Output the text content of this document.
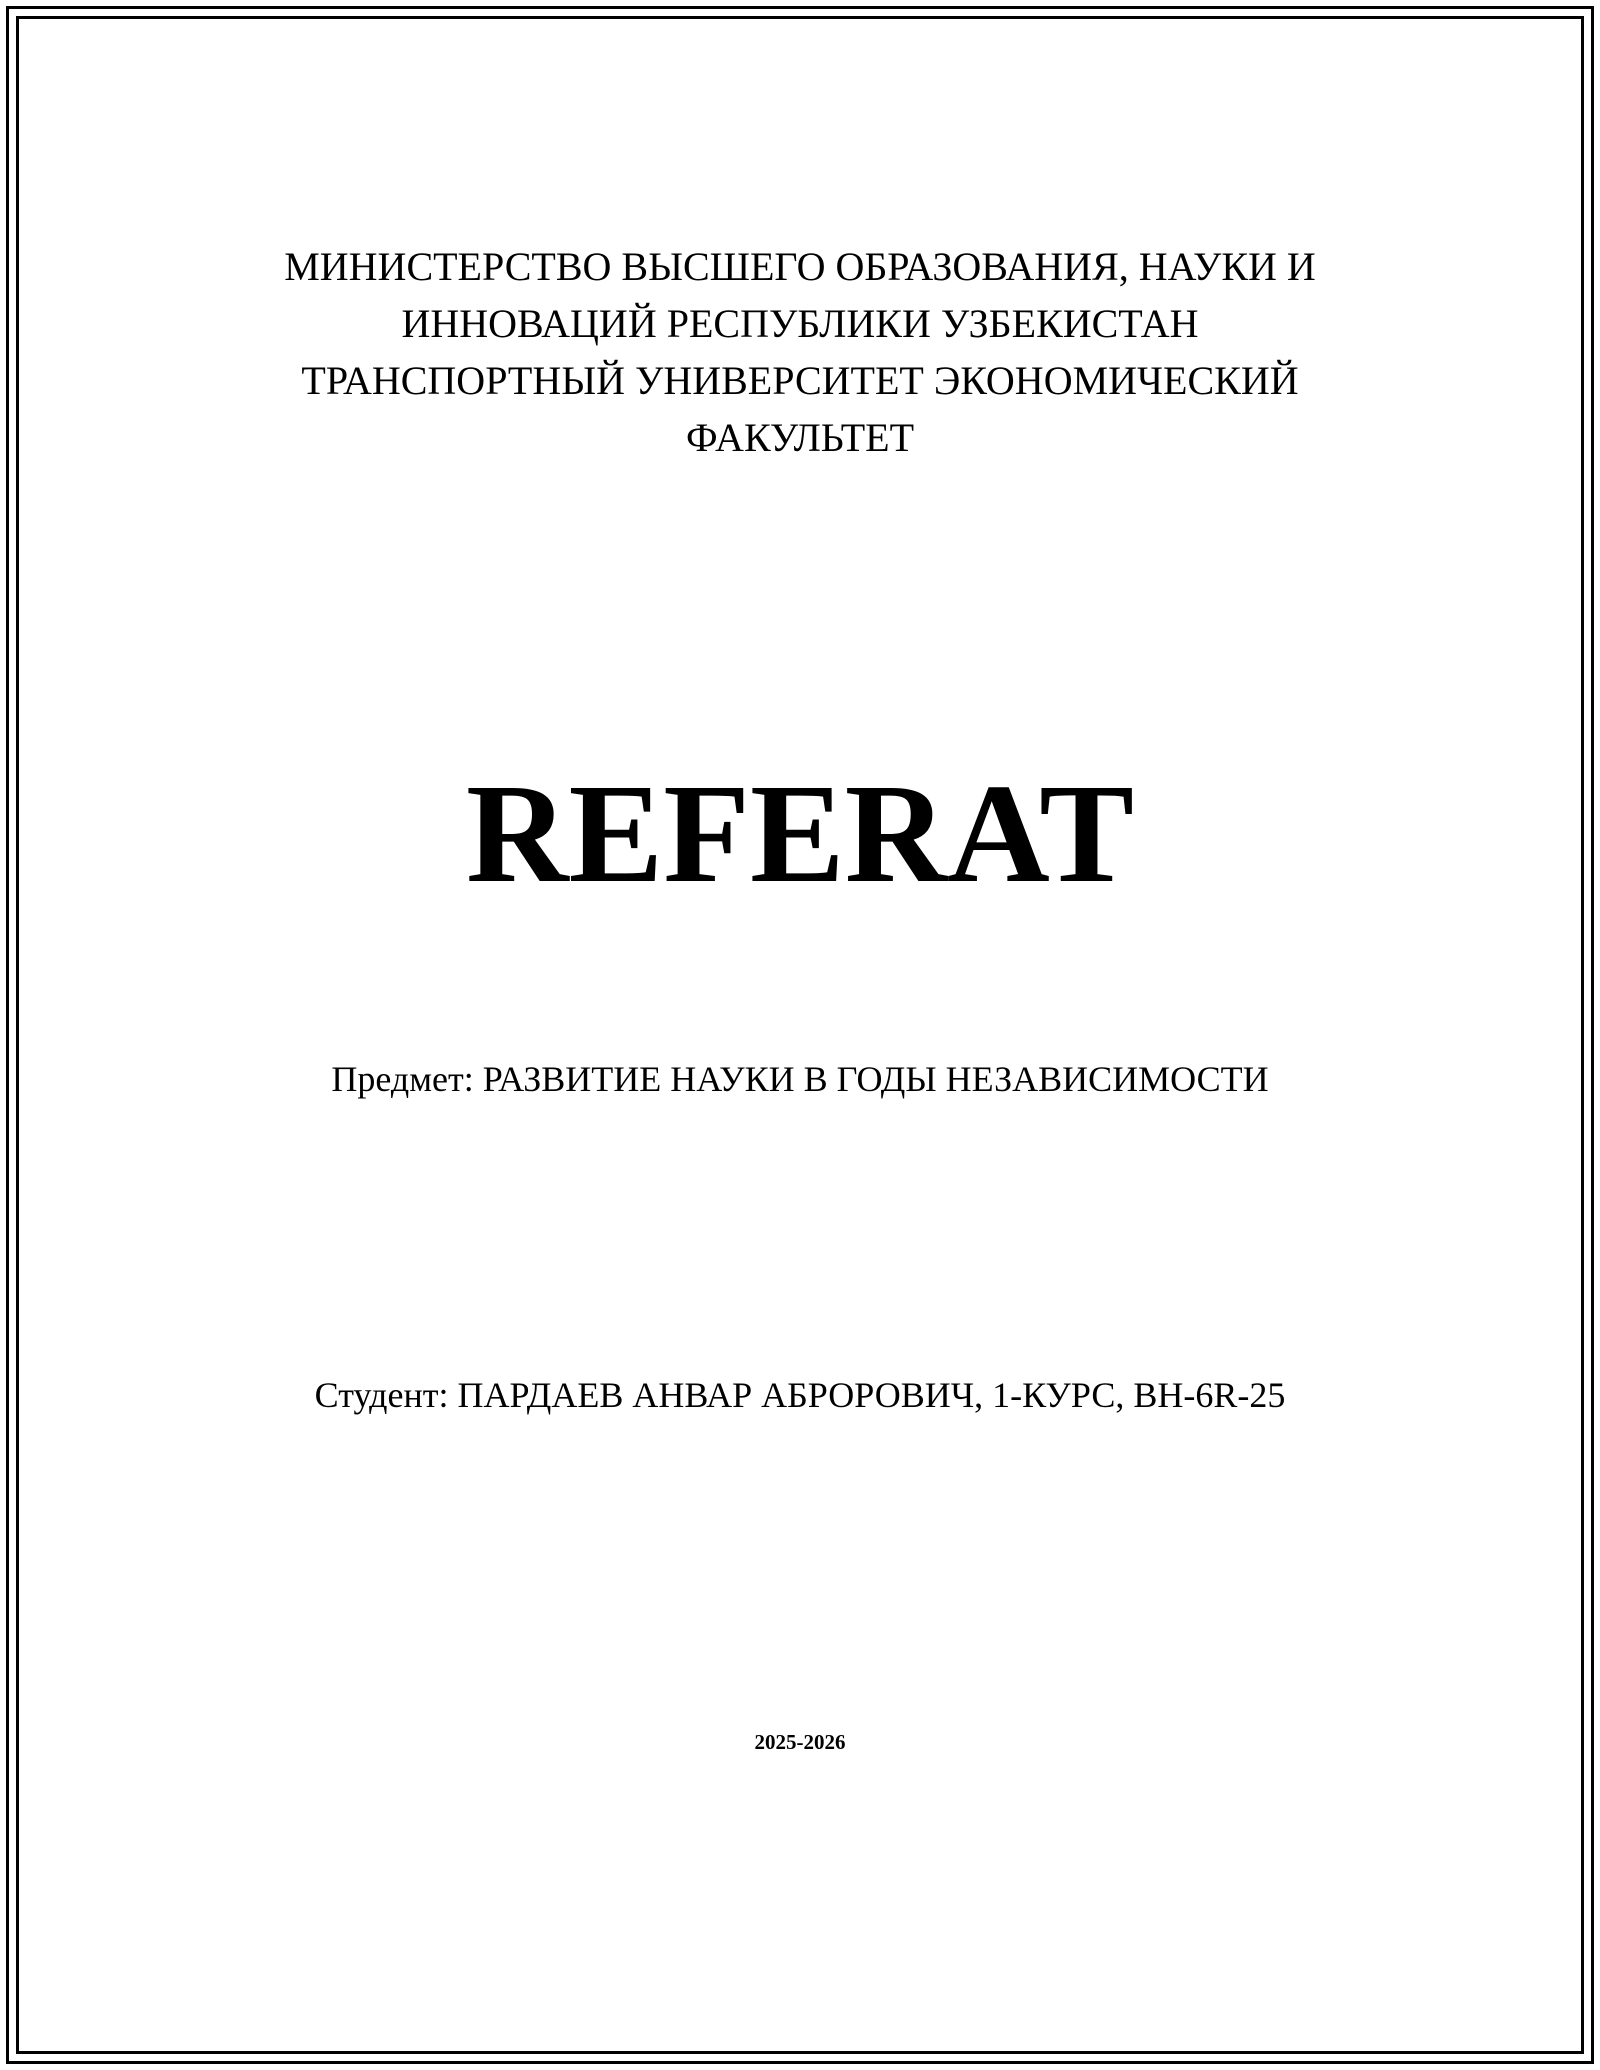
МИНИСТЕРСТВО ВЫСШЕГО ОБРАЗОВАНИЯ, НАУКИ И
ИННОВАЦИЙ РЕСПУБЛИКИ УЗБЕКИСТАН
ТРАНСПОРТНЫЙ УНИВЕРСИТЕТ ЭКОНОМИЧЕСКИЙ
ФАКУЛЬТЕТ
REFERAT
Предмет: РАЗВИТИЕ НАУКИ В ГОДЫ НЕЗАВИСИМОСТИ
Студент: ПАРДАЕВ АНВАР АБРОРОВИЧ, 1-КУРС, ВН-6R-25
2025-2026
